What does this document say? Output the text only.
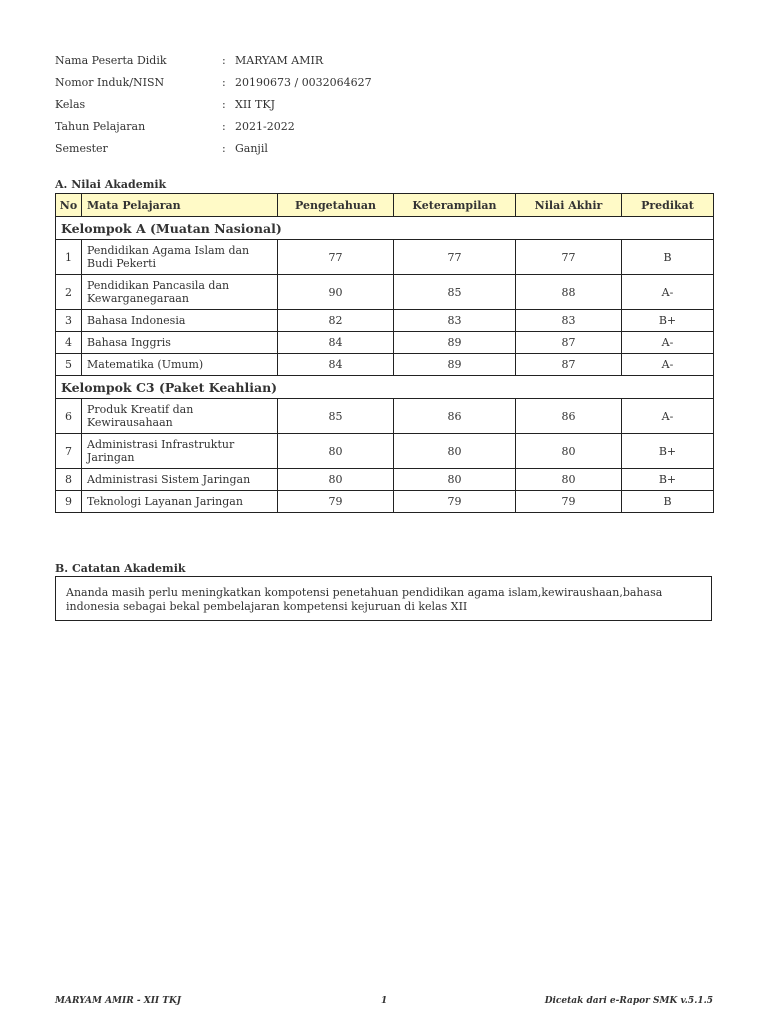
Nama Peserta Didik	: MARYAM AMIR
Nomor Induk/NISN	: 20190673 / 0032064627
Kelas	: XII TKJ
Tahun Pelajaran	: 2021-2022
Semester	: Ganjil
A. Nilai Akademik
No	Mata Pelajaran	Pengetahuan	Keterampilan	Nilai Akhir	Predikat
Kelompok A (Muatan Nasional)					
1	Pendidikan Agama Islam dan Budi Pekerti	77	77	77	B
2	Pendidikan Pancasila dan Kewarganegaraan	90	85	88	A-
3	Bahasa Indonesia	82	83	83	B+
4	Bahasa Inggris	84	89	87	A-
5	Matematika (Umum)	84	89	87	A-
Kelompok C3 (Paket Keahlian)					
6	Produk Kreatif dan Kewirausahaan	85	86	86	A-
7	Administrasi Infrastruktur Jaringan	80	80	80	B+
8	Administrasi Sistem Jaringan	80	80	80	B+
9	Teknologi Layanan Jaringan	79	79	79	B
B. Catatan Akademik
Ananda masih perlu meningkatkan kompotensi penetahuan pendidikan agama islam,kewiraushaan,bahasa indonesia sebagai bekal pembelajaran kompetensi kejuruan di kelas XII
MARYAM AMIR - XII TKJ	1	Dicetak dari e-Rapor SMK v.5.1.5
